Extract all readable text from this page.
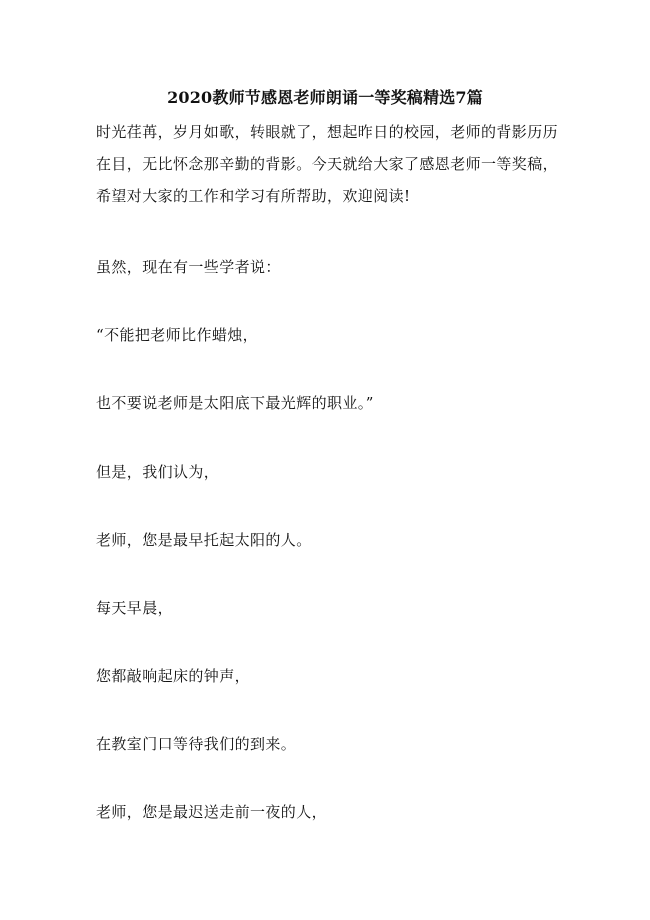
2020教师节感恩老师朗诵一等奖稿精选7篇
时光荏苒，岁月如歌，转眼就了，想起昨日的校园，老师的背影历历在目，无比怀念那辛勤的背影。今天就给大家了感恩老师一等奖稿，希望对大家的工作和学习有所帮助，欢迎阅读!
虽然，现在有一些学者说：
“不能把老师比作蜡烛，
也不要说老师是太阳底下最光辉的职业。”
但是，我们认为，
老师，您是最早托起太阳的人。
每天早晨，
您都敲响起床的钟声，
在教室门口等待我们的到来。
老师，您是最迟送走前一夜的人，
